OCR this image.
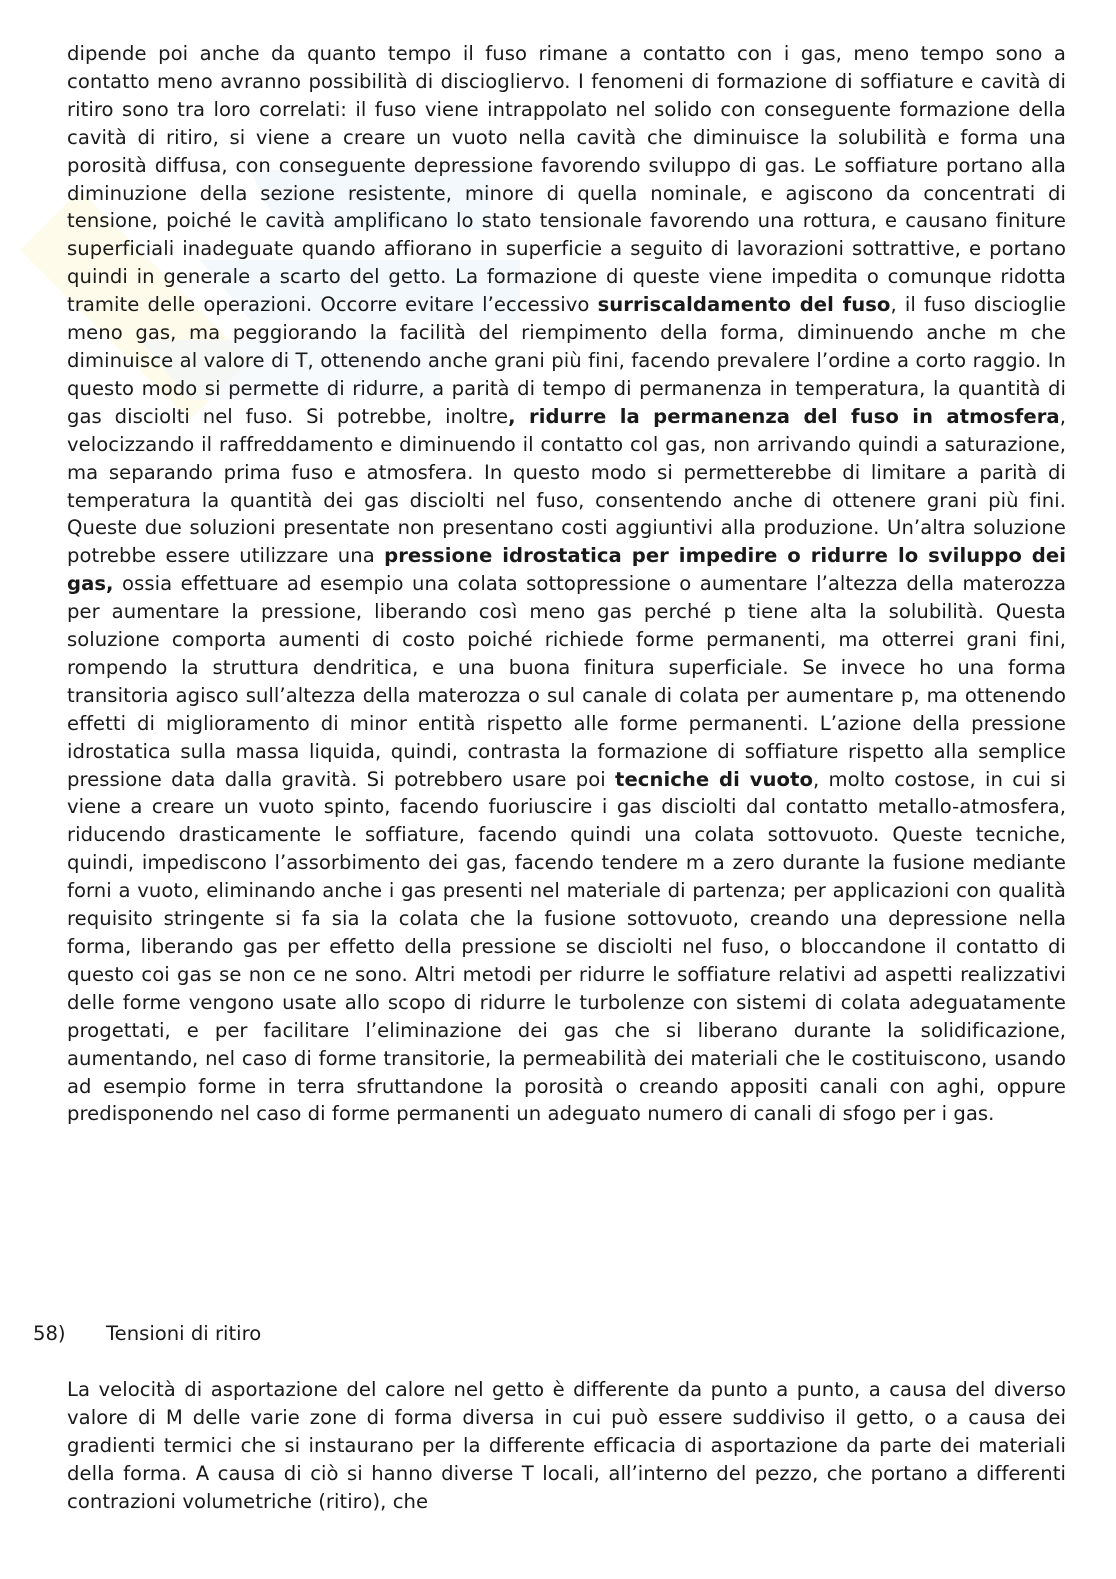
dipende poi anche da quanto tempo il fuso rimane a contatto con i gas, meno tempo sono a contatto meno avranno possibilità di disciogliervo. I fenomeni di formazione di soffiature e cavità di ritiro sono tra loro correlati: il fuso viene intrappolato nel solido con conseguente formazione della cavità di ritiro, si viene a creare un vuoto nella cavità che diminuisce la solubilità e forma una porosità diffusa, con conseguente depressione favorendo sviluppo di gas. Le soffiature portano alla diminuzione della sezione resistente, minore di quella nominale, e agiscono da concentrati di tensione, poiché le cavità amplificano lo stato tensionale favorendo una rottura, e causano finiture superficiali inadeguate quando affiorano in superficie a seguito di lavorazioni sottrattive, e portano quindi in generale a scarto del getto. La formazione di queste viene impedita o comunque ridotta tramite delle operazioni. Occorre evitare l’eccessivo surriscaldamento del fuso, il fuso discioglie meno gas, ma peggiorando la facilità del riempimento della forma, diminuendo anche m che diminuisce al valore di T, ottenendo anche grani più fini, facendo prevalere l’ordine a corto raggio. In questo modo si permette di ridurre, a parità di tempo di permanenza in temperatura, la quantità di gas disciolti nel fuso. Si potrebbe, inoltre, ridurre la permanenza del fuso in atmosfera, velocizzando il raffreddamento e diminuendo il contatto col gas, non arrivando quindi a saturazione, ma separando prima fuso e atmosfera. In questo modo si permetterebbe di limitare a parità di temperatura la quantità dei gas disciolti nel fuso, consentendo anche di ottenere grani più fini. Queste due soluzioni presentate non presentano costi aggiuntivi alla produzione. Un’altra soluzione potrebbe essere utilizzare una pressione idrostatica per impedire o ridurre lo sviluppo dei gas, ossia effettuare ad esempio una colata sottopressione o aumentare l’altezza della materozza per aumentare la pressione, liberando così meno gas perché p tiene alta la solubilità. Questa soluzione comporta aumenti di costo poiché richiede forme permanenti, ma otterrei grani fini, rompendo la struttura dendritica, e una buona finitura superficiale. Se invece ho una forma transitoria agisco sull’altezza della materozza o sul canale di colata per aumentare p, ma ottenendo effetti di miglioramento di minor entità rispetto alle forme permanenti. L’azione della pressione idrostatica sulla massa liquida, quindi, contrasta la formazione di soffiature rispetto alla semplice pressione data dalla gravità. Si potrebbero usare poi tecniche di vuoto, molto costose, in cui si viene a creare un vuoto spinto, facendo fuoriuscire i gas disciolti dal contatto metallo-atmosfera, riducendo drasticamente le soffiature, facendo quindi una colata sottovuoto. Queste tecniche, quindi, impediscono l’assorbimento dei gas, facendo tendere m a zero durante la fusione mediante forni a vuoto, eliminando anche i gas presenti nel materiale di partenza; per applicazioni con qualità requisito stringente si fa sia la colata che la fusione sottovuoto, creando una depressione nella forma, liberando gas per effetto della pressione se disciolti nel fuso, o bloccandone il contatto di questo coi gas se non ce ne sono. Altri metodi per ridurre le soffiature relativi ad aspetti realizzativi delle forme vengono usate allo scopo di ridurre le turbolenze con sistemi di colata adeguatamente progettati, e per facilitare l’eliminazione dei gas che si liberano durante la solidificazione, aumentando, nel caso di forme transitorie, la permeabilità dei materiali che le costituiscono, usando ad esempio forme in terra sfruttandone la porosità o creando appositi canali con aghi, oppure predisponendo nel caso di forme permanenti un adeguato numero di canali di sfogo per i gas.

58) Tensioni di ritiro

La velocità di asportazione del calore nel getto è differente da punto a punto, a causa del diverso valore di M delle varie zone di forma diversa in cui può essere suddiviso il getto, o a causa dei gradienti termici che si instaurano per la differente efficacia di asportazione da parte dei materiali della forma. A causa di ciò si hanno diverse T locali, all’interno del pezzo, che portano a differenti contrazioni volumetriche (ritiro), che
